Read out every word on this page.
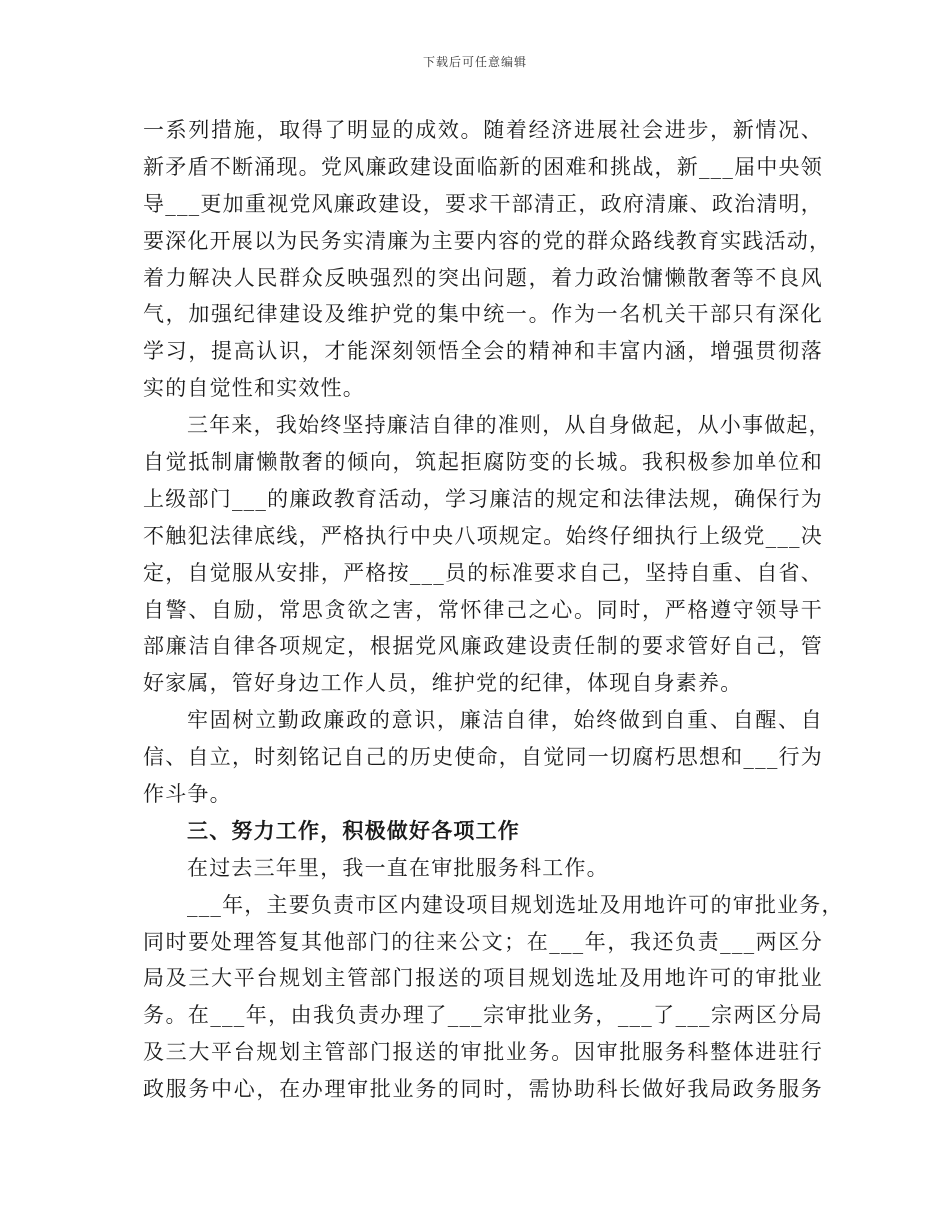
下载后可任意编辑
一系列措施，取得了明显的成效。随着经济进展社会进步，新情况、
新矛盾不断涌现。党风廉政建设面临新的困难和挑战，新___届中央领
导___更加重视党风廉政建设，要求干部清正，政府清廉、政治清明，
要深化开展以为民务实清廉为主要内容的党的群众路线教育实践活动，
着力解决人民群众反映强烈的突出问题，着力政治慵懒散奢等不良风
气，加强纪律建设及维护党的集中统一。作为一名机关干部只有深化
学习，提高认识，才能深刻领悟全会的精神和丰富内涵，增强贯彻落
实的自觉性和实效性。
三年来，我始终坚持廉洁自律的准则，从自身做起，从小事做起，
自觉抵制庸懒散奢的倾向，筑起拒腐防变的长城。我积极参加单位和
上级部门___的廉政教育活动，学习廉洁的规定和法律法规，确保行为
不触犯法律底线，严格执行中央八项规定。始终仔细执行上级党___决
定，自觉服从安排，严格按___员的标准要求自己，坚持自重、自省、
自警、自励，常思贪欲之害，常怀律己之心。同时，严格遵守领导干
部廉洁自律各项规定，根据党风廉政建设责任制的要求管好自己，管
好家属，管好身边工作人员，维护党的纪律，体现自身素养。
牢固树立勤政廉政的意识，廉洁自律，始终做到自重、自醒、自
信、自立，时刻铭记自己的历史使命，自觉同一切腐朽思想和___行为
作斗争。
三、努力工作，积极做好各项工作
在过去三年里，我一直在审批服务科工作。
___年，主要负责市区内建设项目规划选址及用地许可的审批业务，
同时要处理答复其他部门的往来公文；在___年，我还负责___两区分
局及三大平台规划主管部门报送的项目规划选址及用地许可的审批业
务。在___年，由我负责办理了___宗审批业务，___了___宗两区分局
及三大平台规划主管部门报送的审批业务。因审批服务科整体进驻行
政服务中心，在办理审批业务的同时，需协助科长做好我局政务服务
